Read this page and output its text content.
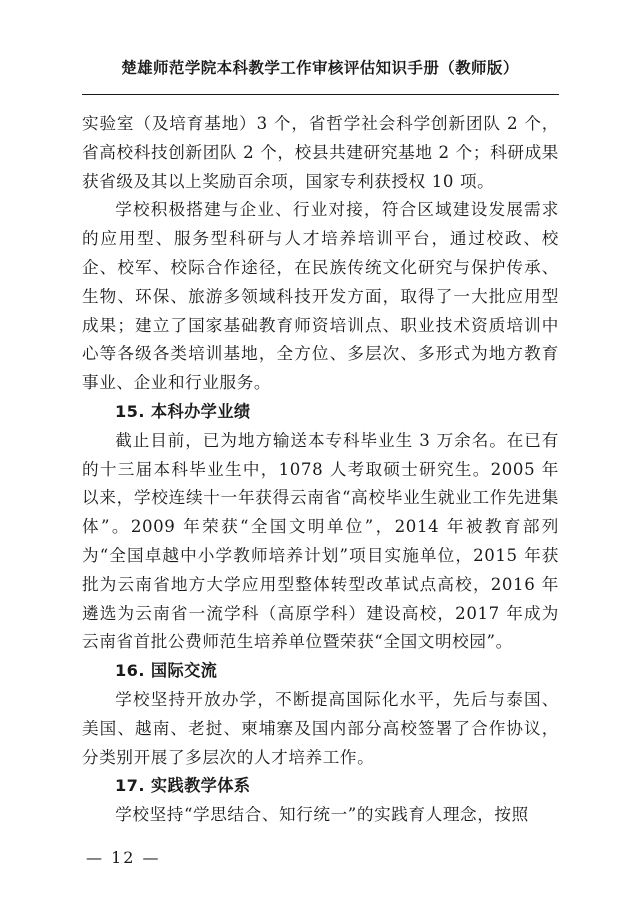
楚雄师范学院本科教学工作审核评估知识手册（教师版）

实验室（及培育基地）3 个，省哲学社会科学创新团队 2 个，省高校科技创新团队 2 个，校县共建研究基地 2 个；科研成果获省级及其以上奖励百余项，国家专利获授权 10 项。

学校积极搭建与企业、行业对接，符合区域建设发展需求的应用型、服务型科研与人才培养培训平台，通过校政、校企、校军、校际合作途径，在民族传统文化研究与保护传承、生物、环保、旅游多领域科技开发方面，取得了一大批应用型成果；建立了国家基础教育师资培训点、职业技术资质培训中心等各级各类培训基地，全方位、多层次、多形式为地方教育事业、企业和行业服务。

15. 本科办学业绩

截止目前，已为地方输送本专科毕业生 3 万余名。在已有的十三届本科毕业生中，1078 人考取硕士研究生。2005 年以来，学校连续十一年获得云南省“高校毕业生就业工作先进集体”。2009 年荣获“全国文明单位”，2014 年被教育部列为“全国卓越中小学教师培养计划”项目实施单位，2015 年获批为云南省地方大学应用型整体转型改革试点高校，2016 年遴选为云南省一流学科（高原学科）建设高校，2017 年成为云南省首批公费师范生培养单位暨荣获“全国文明校园”。

16. 国际交流

学校坚持开放办学，不断提高国际化水平，先后与泰国、美国、越南、老挝、柬埔寨及国内部分高校签署了合作协议，分类别开展了多层次的人才培养工作。

17. 实践教学体系

学校坚持“学思结合、知行统一”的实践育人理念，按照

— 12 —
